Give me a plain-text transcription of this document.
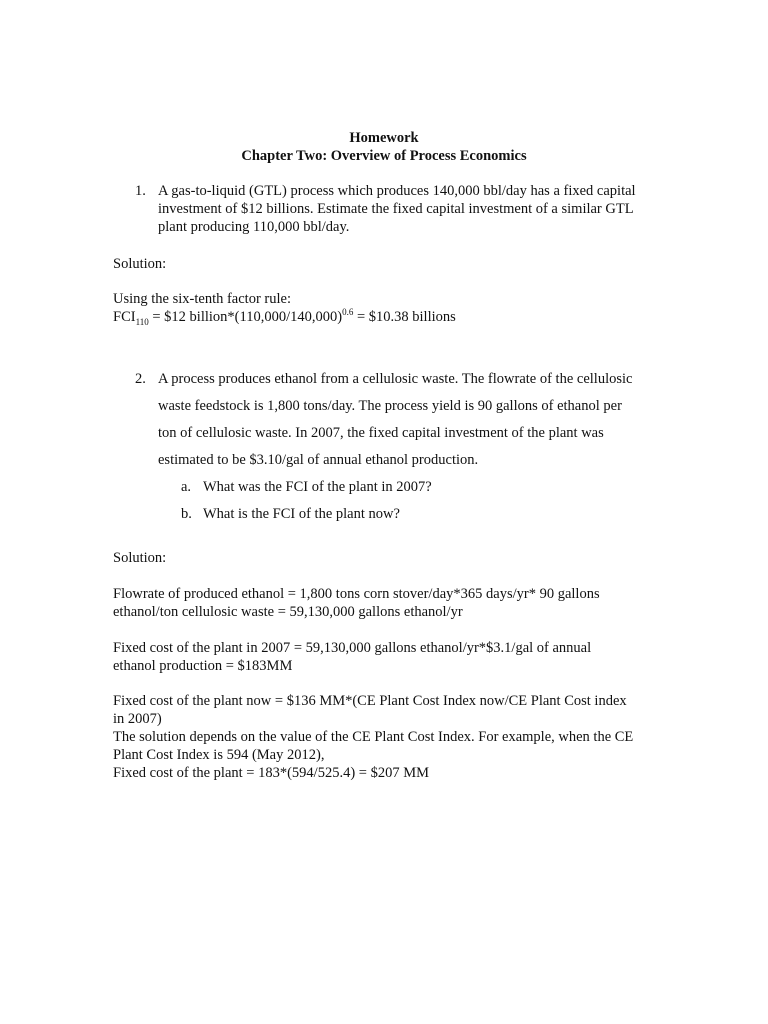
Homework
Chapter Two: Overview of Process Economics
1. A gas-to-liquid (GTL) process which produces 140,000 bbl/day has a fixed capital
investment of $12 billions. Estimate the fixed capital investment of a similar GTL
plant producing 110,000 bbl/day.
Solution:
Using the six-tenth factor rule:
$FCI_{110}$ = $12 $billion*(110,000/140,000)^{0.6}$ = $10.38 billions
2. A process produces ethanol from a cellulosic waste. The flowrate of the cellulosic
waste feedstock is 1,800 tons/day. The process yield is 90 gallons of ethanol per
ton of cellulosic waste. In 2007, the fixed capital investment of the plant was
estimated to be $3.10/gal of annual ethanol production.
a. What was the FCI of the plant in 2007?
b. What is the FCI of the plant now?
Solution:
Flowrate of produced ethanol = 1,800 tons corn stover/day*365 days/yr* 90 gallons
ethanol/ton cellulosic waste = 59,130,000 gallons ethanol/yr
Fixed cost of the plant in 2007 = 59,130,000 gallons ethanol/yr*$3.1/gal of annual
ethanol production = $183MM
Fixed cost of the plant now = $136 MM*(CE Plant Cost Index now/CE Plant Cost index
in 2007)
The solution depends on the value of the CE Plant Cost Index. For example, when the CE
Plant Cost Index is 594 (May 2012),
Fixed cost of the plant = 183*(594/525.4) = $207 MM
